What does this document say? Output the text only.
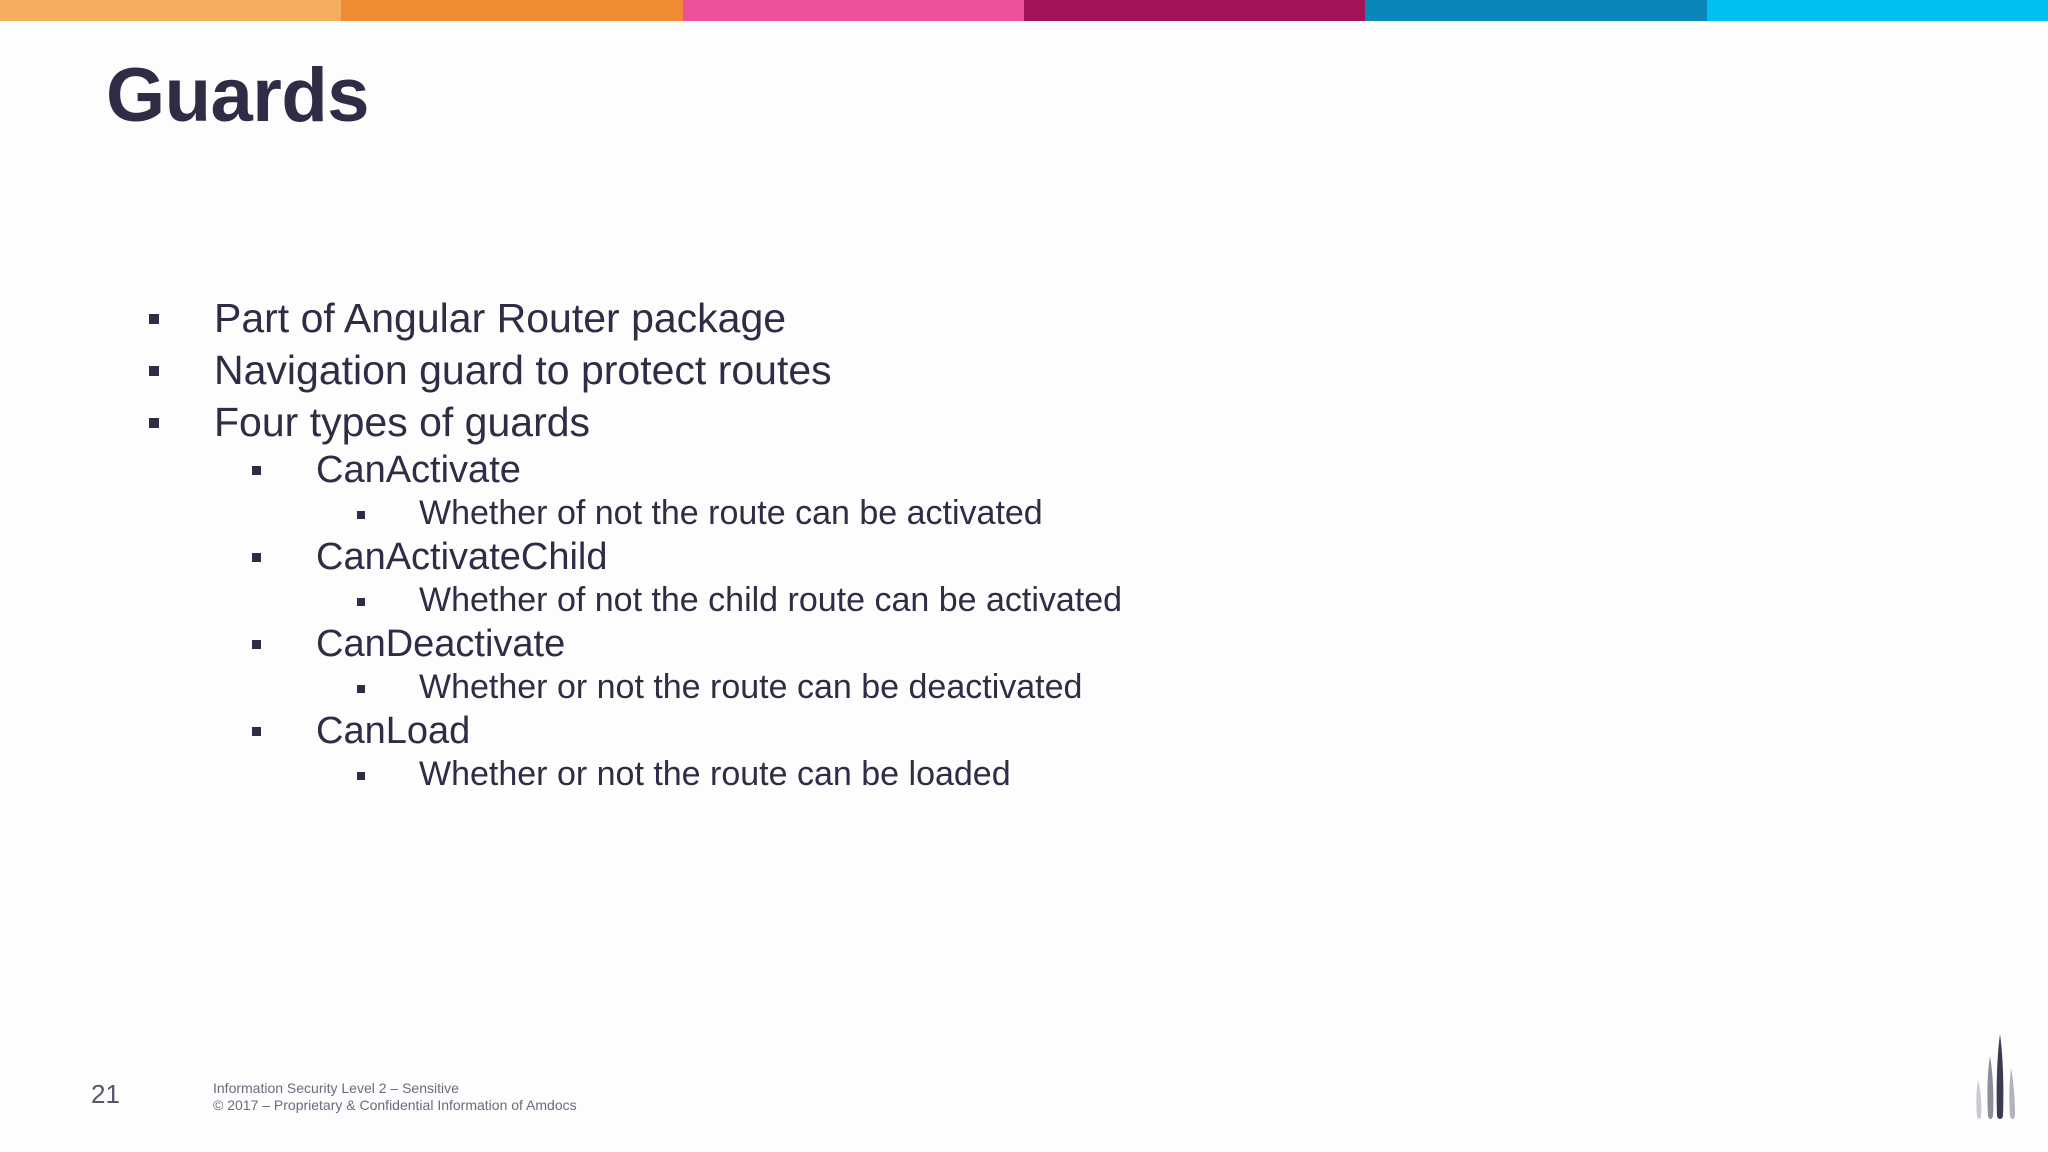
Guards
Part of Angular Router package
Navigation guard to protect routes
Four types of guards
CanActivate
Whether of not the route can be activated
CanActivateChild
Whether of not the child route can be activated
CanDeactivate
Whether or not the route can be deactivated
CanLoad
Whether or not the route can be loaded
21	Information Security Level 2 – Sensitive
© 2017 – Proprietary & Confidential Information of Amdocs
